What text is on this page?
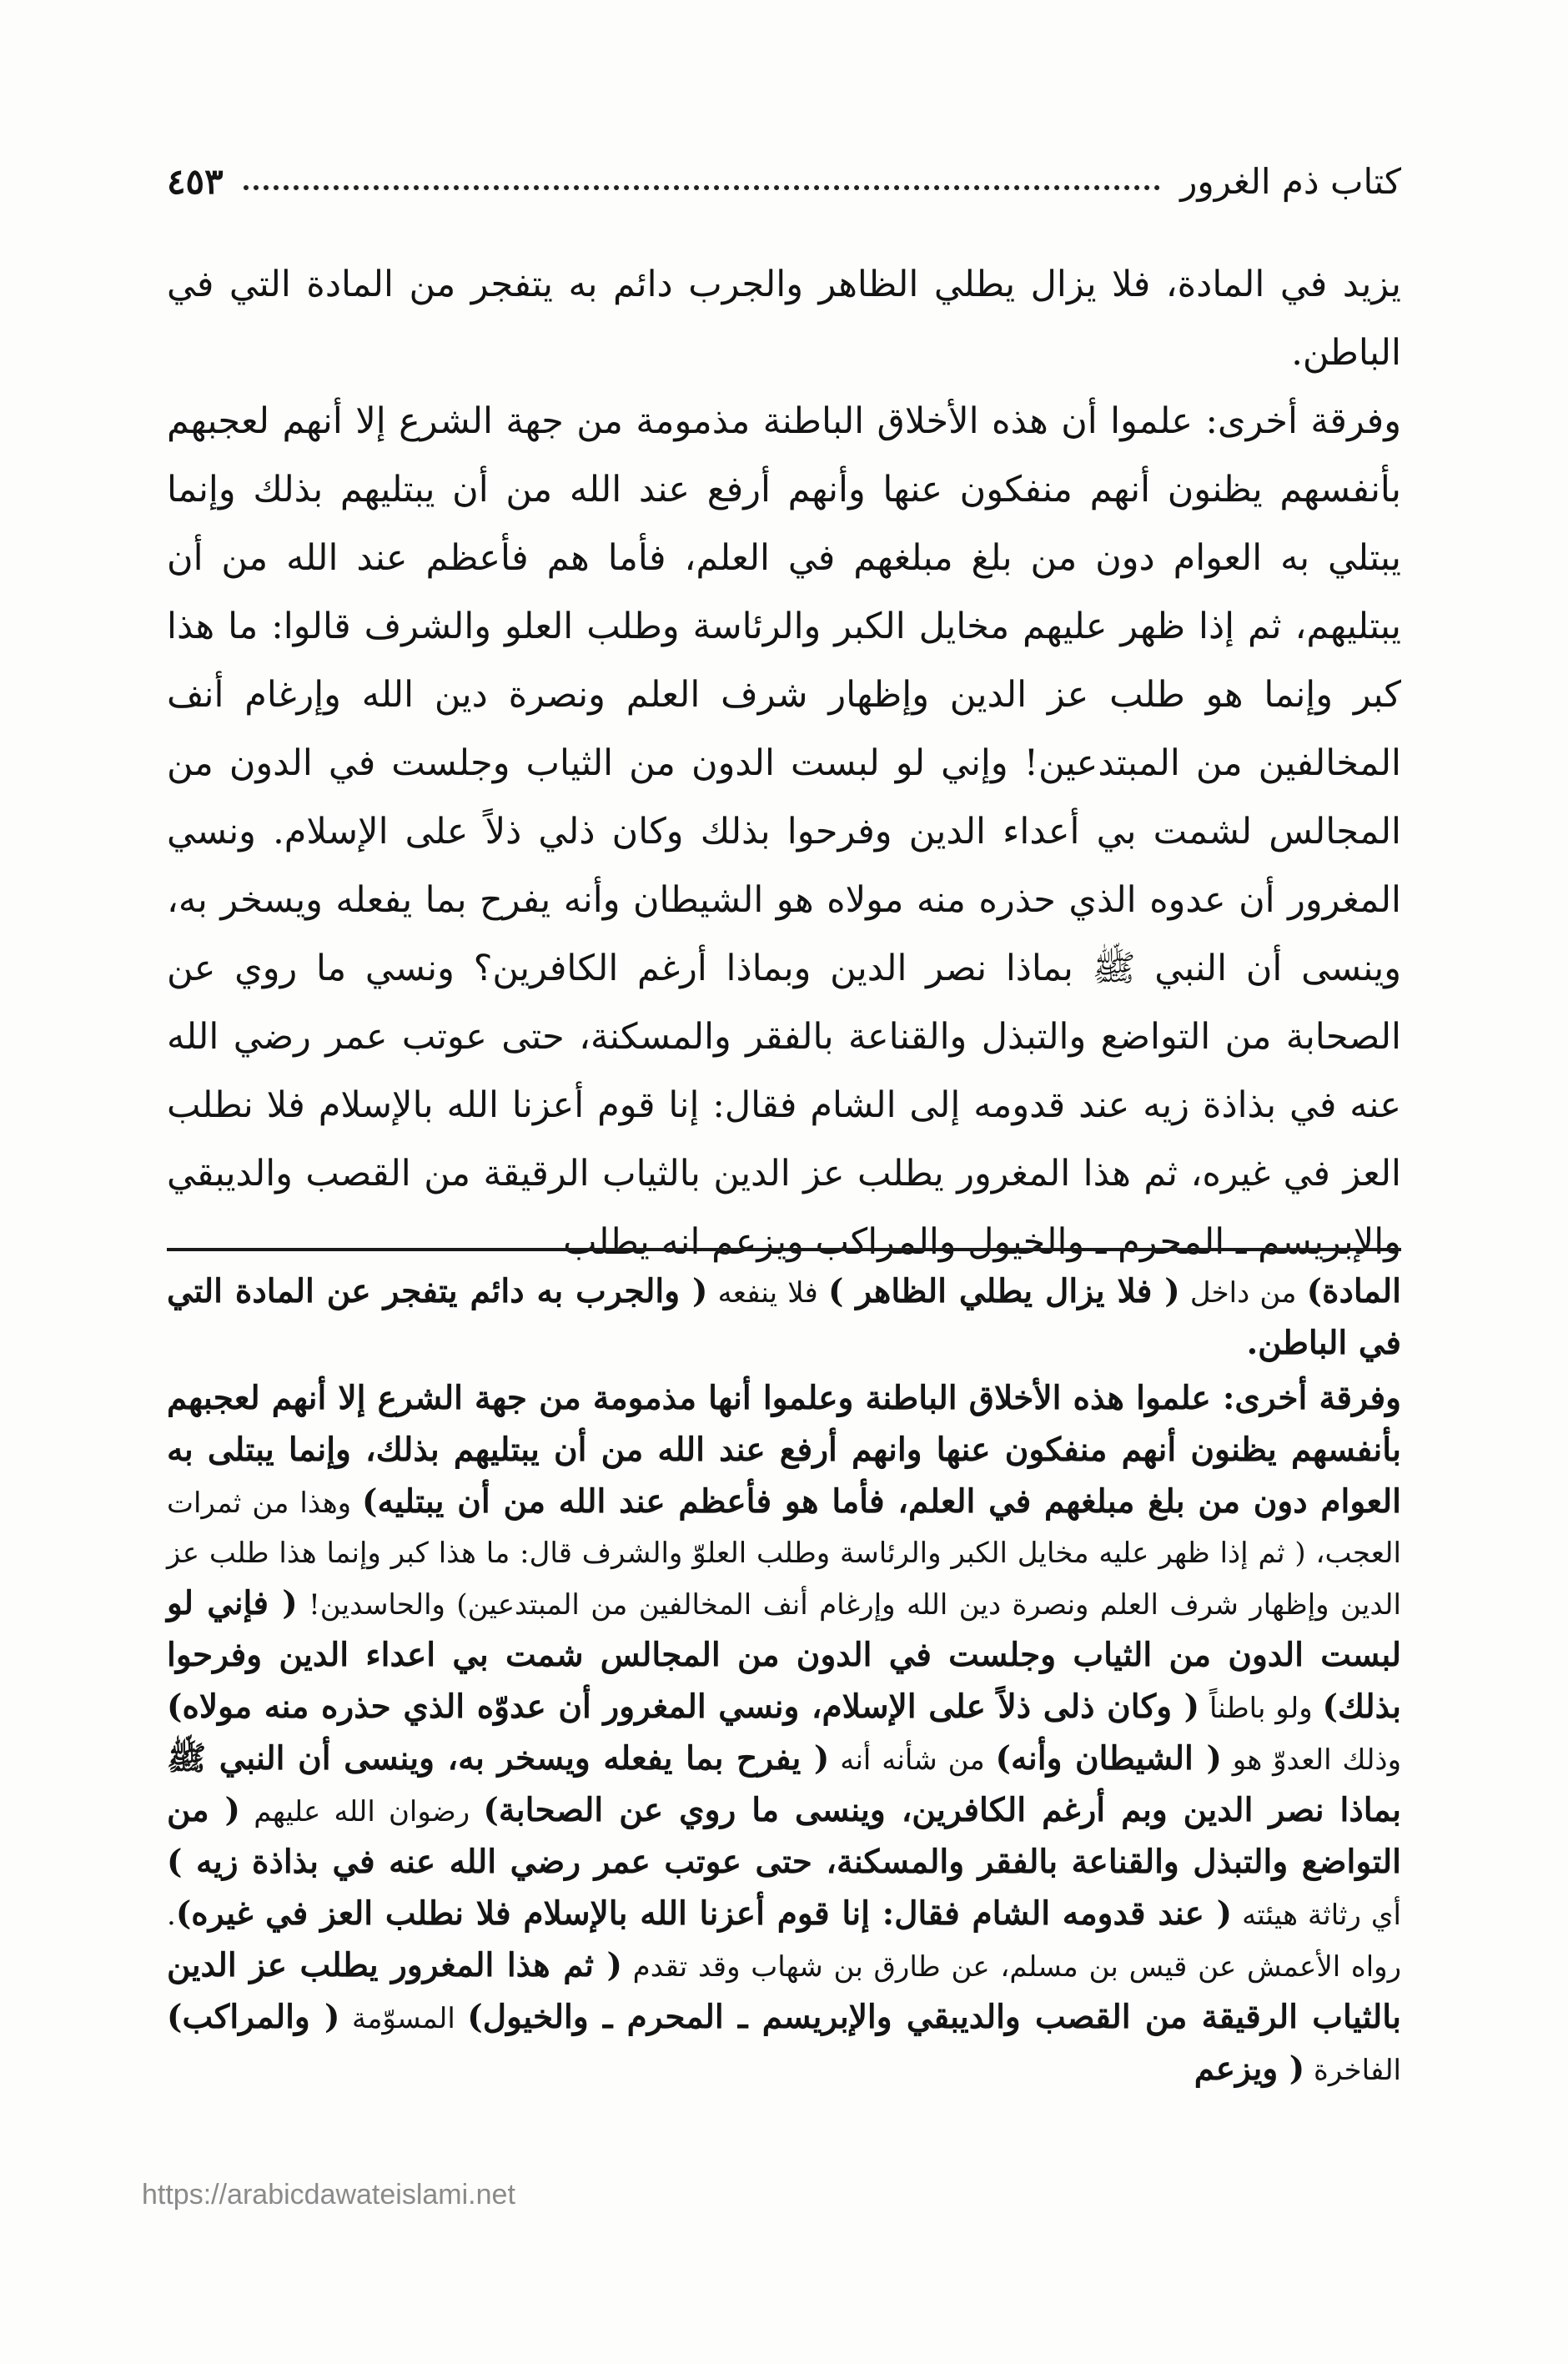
كتاب ذم الغرور
٤٥٣

يزيد في المادة، فلا يزال يطلي الظاهر والجرب دائم به يتفجر من المادة التي في الباطن.

وفرقة أخرى: علموا أن هذه الأخلاق الباطنة مذمومة من جهة الشرع إلا أنهم لعجبهم بأنفسهم يظنون أنهم منفكون عنها وأنهم أرفع عند الله من أن يبتليهم بذلك وإنما يبتلي به العوام دون من بلغ مبلغهم في العلم، فأما هم فأعظم عند الله من أن يبتليهم، ثم إذا ظهر عليهم مخايل الكبر والرئاسة وطلب العلو والشرف قالوا: ما هذا كبر وإنما هو طلب عز الدين وإظهار شرف العلم ونصرة دين الله وإرغام أنف المخالفين من المبتدعين! وإني لو لبست الدون من الثياب وجلست في الدون من المجالس لشمت بي أعداء الدين وفرحوا بذلك وكان ذلي ذلاً على الإسلام. ونسي المغرور أن عدوه الذي حذره منه مولاه هو الشيطان وأنه يفرح بما يفعله ويسخر به، وينسى أن النبي ﷺ بماذا نصر الدين وبماذا أرغم الكافرين؟ ونسي ما روي عن الصحابة من التواضع والتبذل والقناعة بالفقر والمسكنة، حتى عوتب عمر رضي الله عنه في بذاذة زيه عند قدومه إلى الشام فقال: إنا قوم أعزنا الله بالإسلام فلا نطلب العز في غيره، ثم هذا المغرور يطلب عز الدين بالثياب الرقيقة من القصب والديبقي والإبريسم ـ المحرم ـ والخيول والمراكب ويزعم انه يطلب

المادة) من داخل ( فلا يزال يطلي الظاهر ) فلا ينفعه ( والجرب به دائم يتفجر عن المادة التي في الباطن.

وفرقة أخرى: علموا هذه الأخلاق الباطنة وعلموا أنها مذمومة من جهة الشرع إلا أنهم لعجبهم بأنفسهم يظنون أنهم منفكون عنها وانهم أرفع عند الله من أن يبتليهم بذلك، وإنما يبتلى به العوام دون من بلغ مبلغهم في العلم، فأما هو فأعظم عند الله من أن يبتليه) وهذا من ثمرات العجب، ( ثم إذا ظهر عليه مخايل الكبر والرئاسة وطلب العلوّ والشرف قال: ما هذا كبر وإنما هذا طلب عز الدين وإظهار شرف العلم ونصرة دين الله وإرغام أنف المخالفين من المبتدعين) والحاسدين! ( فإني لو لبست الدون من الثياب وجلست في الدون من المجالس شمت بي اعداء الدين وفرحوا بذلك) ولو باطناً ( وكان ذلى ذلاً على الإسلام، ونسي المغرور أن عدوّه الذي حذره منه مولاه) وذلك العدوّ هو ( الشيطان وأنه) من شأنه أنه ( يفرح بما يفعله ويسخر به، وينسى أن النبي ﷺ بماذا نصر الدين وبم أرغم الكافرين، وينسى ما روي عن الصحابة) رضوان الله عليهم ( من التواضع والتبذل والقناعة بالفقر والمسكنة، حتى عوتب عمر رضي الله عنه في بذاذة زيه ) أي رثاثة هيئته ( عند قدومه الشام فقال: إنا قوم أعزنا الله بالإسلام فلا نطلب العز في غيره). رواه الأعمش عن قيس بن مسلم، عن طارق بن شهاب وقد تقدم ( ثم هذا المغرور يطلب عز الدين بالثياب الرقيقة من القصب والديبقي والإبريسم ـ المحرم ـ والخيول) المسوّمة ( والمراكب) الفاخرة ( ويزعم

https://arabicdawateislami.net
